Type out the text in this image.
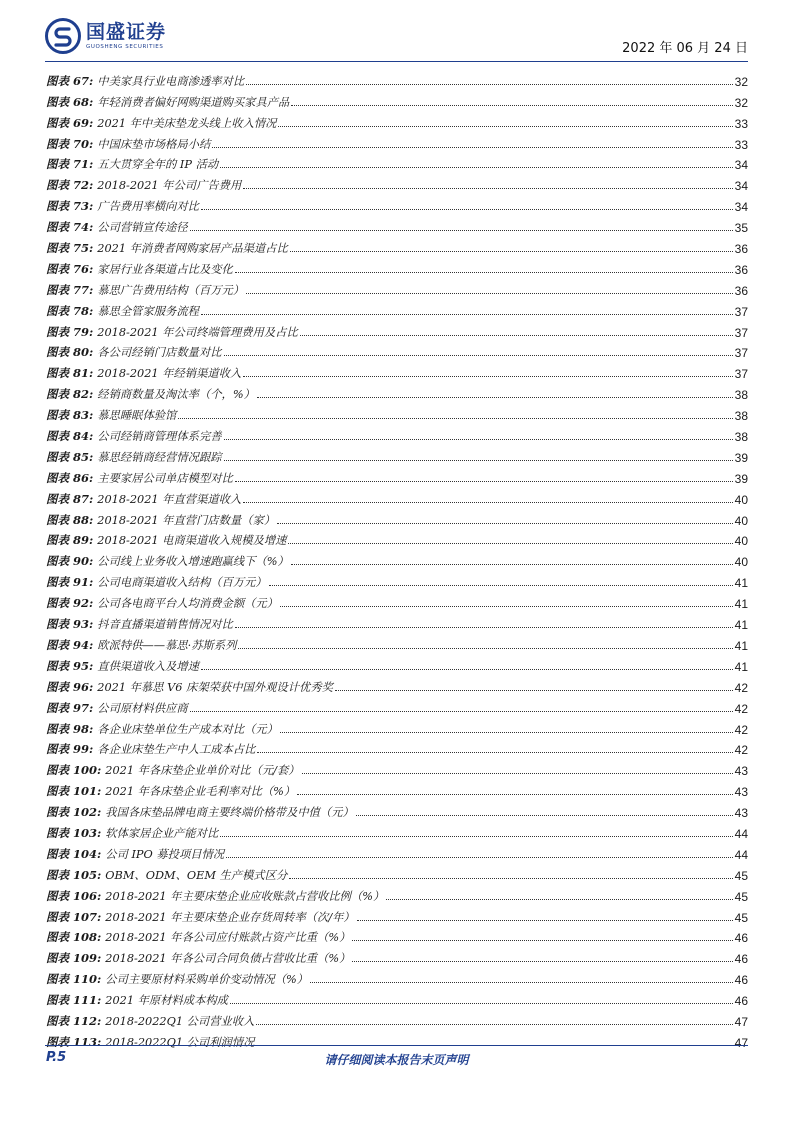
国盛证券
GUOSHENG SECURITIES	2022 年 06 月 24 日
图表 67: 中美家具行业电商渗透率对比	32
图表 68: 年轻消费者偏好网购渠道购买家具产品	32
图表 69: 2021 年中美床垫龙头线上收入情况	33
图表 70: 中国床垫市场格局小结	33
图表 71: 五大贯穿全年的 IP 活动	34
图表 72: 2018-2021 年公司广告费用	34
图表 73: 广告费用率横向对比	34
图表 74: 公司营销宣传途径	35
图表 75: 2021 年消费者网购家居产品渠道占比	36
图表 76: 家居行业各渠道占比及变化	36
图表 77: 慕思广告费用结构（百万元）	36
图表 78: 慕思全管家服务流程	37
图表 79: 2018-2021 年公司终端管理费用及占比	37
图表 80: 各公司经销门店数量对比	37
图表 81: 2018-2021 年经销渠道收入	37
图表 82: 经销商数量及淘汰率（个，%）	38
图表 83: 慕思睡眠体验馆	38
图表 84: 公司经销商管理体系完善	38
图表 85: 慕思经销商经营情况跟踪	39
图表 86: 主要家居公司单店模型对比	39
图表 87: 2018-2021 年直营渠道收入	40
图表 88: 2018-2021 年直营门店数量（家）	40
图表 89: 2018-2021 电商渠道收入规模及增速	40
图表 90: 公司线上业务收入增速跑赢线下（%）	40
图表 91: 公司电商渠道收入结构（百万元）	41
图表 92: 公司各电商平台人均消费金额（元）	41
图表 93: 抖音直播渠道销售情况对比	41
图表 94: 欧派特供——慕思·苏斯系列	41
图表 95: 直供渠道收入及增速	41
图表 96: 2021 年慕思 V6 床架荣获中国外观设计优秀奖	42
图表 97: 公司原材料供应商	42
图表 98: 各企业床垫单位生产成本对比（元）	42
图表 99: 各企业床垫生产中人工成本占比	42
图表 100: 2021 年各床垫企业单价对比（元/套）	43
图表 101: 2021 年各床垫企业毛利率对比（%）	43
图表 102: 我国各床垫品牌电商主要终端价格带及中值（元）	43
图表 103: 软体家居企业产能对比	44
图表 104: 公司 IPO 募投项目情况	44
图表 105: OBM、ODM、OEM 生产模式区分	45
图表 106: 2018-2021 年主要床垫企业应收账款占营收比例（%）	45
图表 107: 2018-2021 年主要床垫企业存货周转率（次/年）	45
图表 108: 2018-2021 年各公司应付账款占资产比重（%）	46
图表 109: 2018-2021 年各公司合同负债占营收比重（%）	46
图表 110: 公司主要原材料采购单价变动情况（%）	46
图表 111: 2021 年原材料成本构成	46
图表 112: 2018-2022Q1 公司营业收入	47
图表 113: 2018-2022Q1 公司利润情况	47
P.5	请仔细阅读本报告末页声明
